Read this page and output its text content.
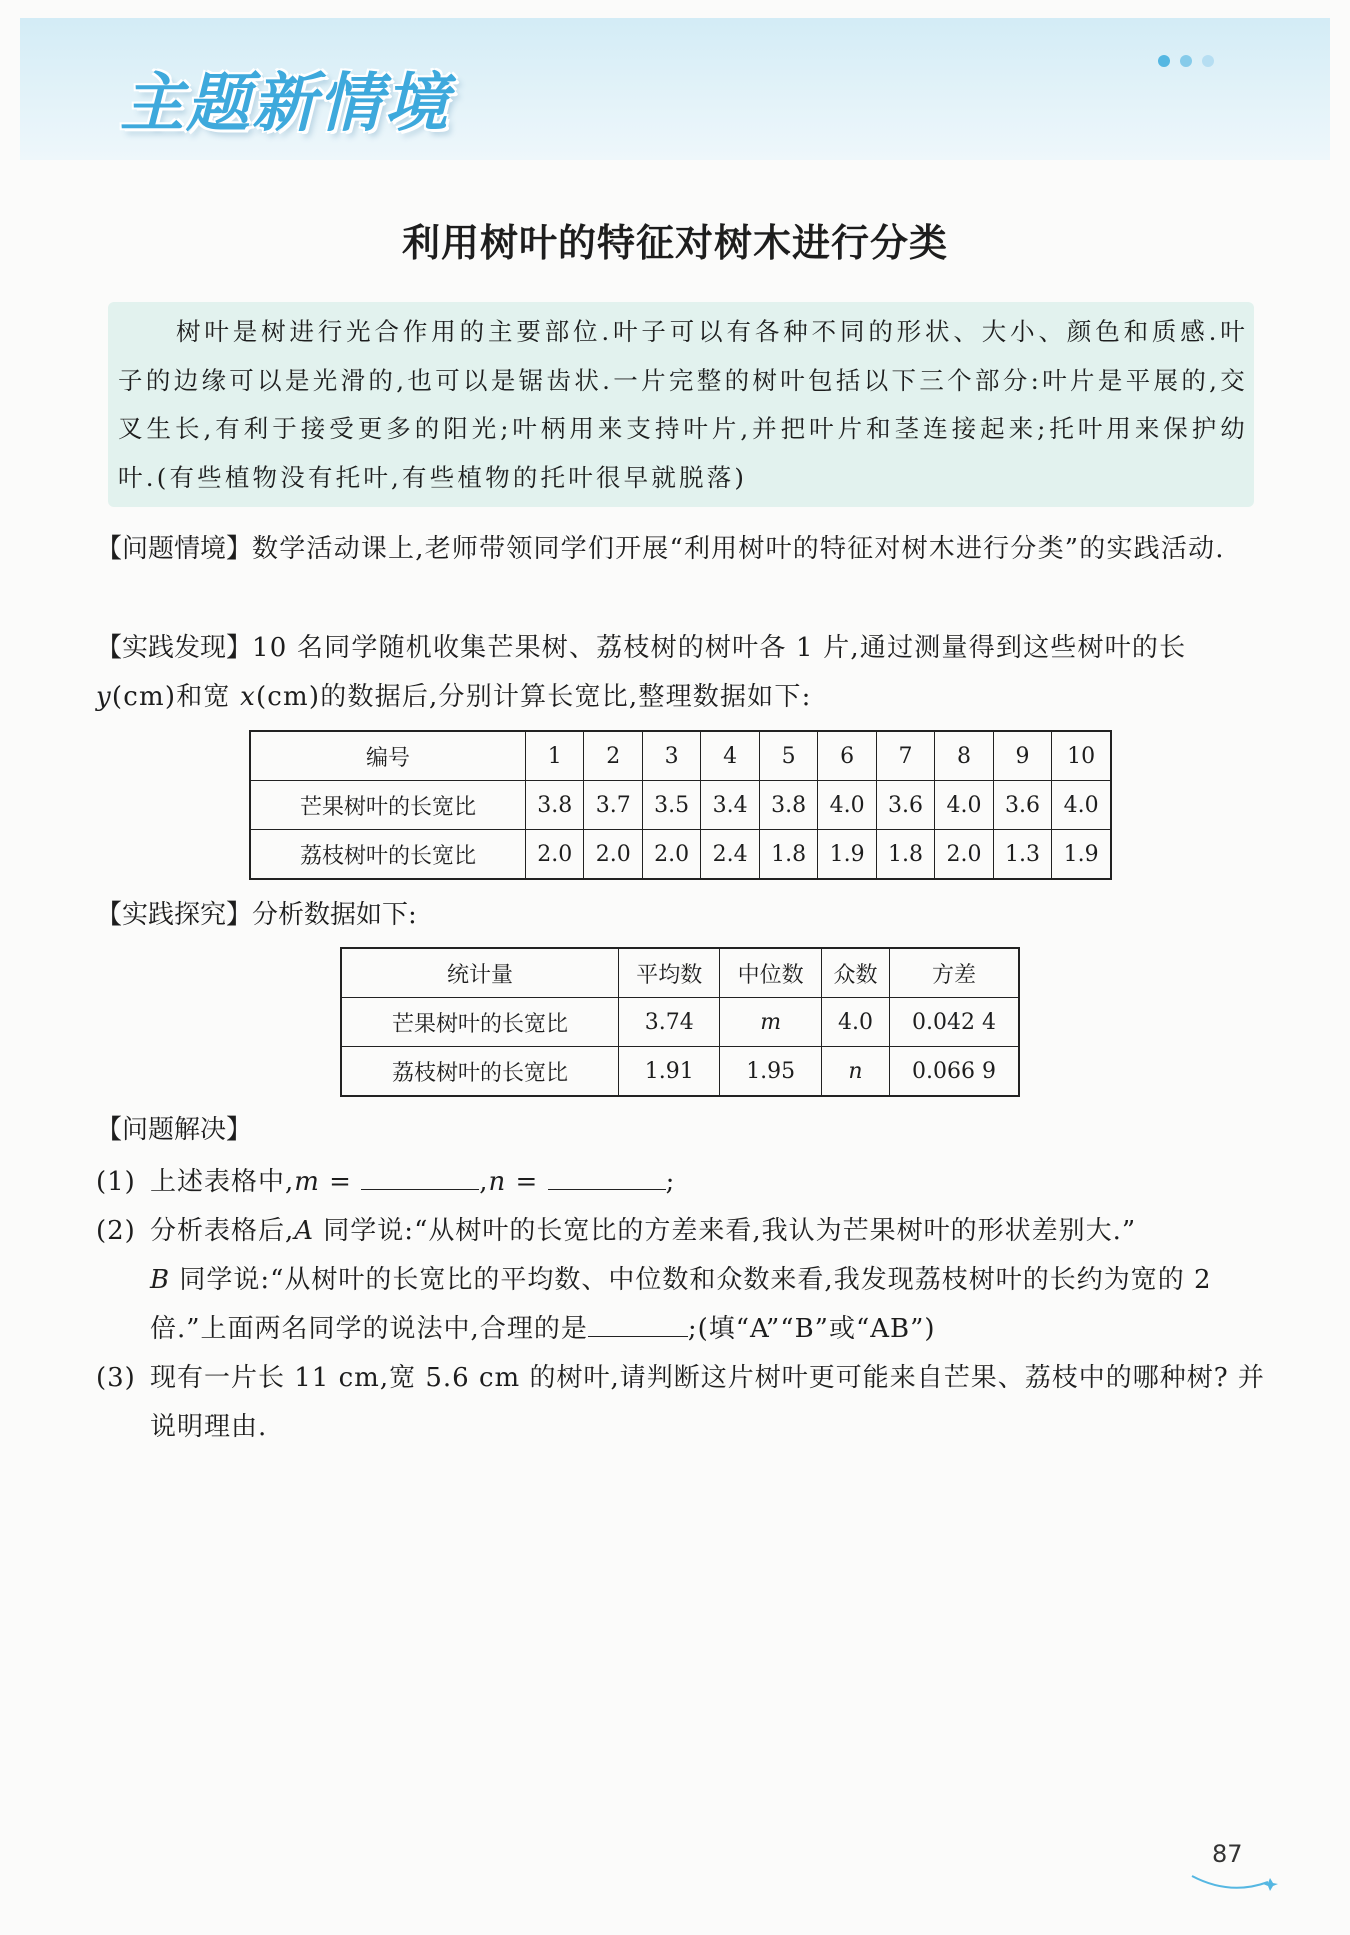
主题新情境
利用树叶的特征对树木进行分类
树叶是树进行光合作用的主要部位.叶子可以有各种不同的形状、大小、颜色和质感.叶子的边缘可以是光滑的,也可以是锯齿状.一片完整的树叶包括以下三个部分:叶片是平展的,交叉生长,有利于接受更多的阳光;叶柄用来支持叶片,并把叶片和茎连接起来;托叶用来保护幼叶.(有些植物没有托叶,有些植物的托叶很早就脱落)
【问题情境】数学活动课上,老师带领同学们开展“利用树叶的特征对树木进行分类”的实践活动.
【实践发现】10 名同学随机收集芒果树、荔枝树的树叶各 1 片,通过测量得到这些树叶的长 y(cm)和宽 x(cm)的数据后,分别计算长宽比,整理数据如下:
编号	1	2	3	4	5	6	7	8	9	10
芒果树叶的长宽比	3.8	3.7	3.5	3.4	3.8	4.0	3.6	4.0	3.6	4.0
荔枝树叶的长宽比	2.0	2.0	2.0	2.4	1.8	1.9	1.8	2.0	1.3	1.9
【实践探究】分析数据如下:
统计量	平均数	中位数	众数	方差
芒果树叶的长宽比	3.74	m	4.0	0.042 4
荔枝树叶的长宽比	1.91	1.95	n	0.066 9
【问题解决】
(1) 上述表格中,m =	,n =	;
(2) 分析表格后,A 同学说:“从树叶的长宽比的方差来看,我认为芒果树叶的形状差别大.”
B 同学说:“从树叶的长宽比的平均数、中位数和众数来看,我发现荔枝树叶的长约为宽的 2 倍.”上面两名同学的说法中,合理的是	;(填“A”“B”或“AB”)
(3) 现有一片长 11 cm,宽 5.6 cm 的树叶,请判断这片树叶更可能来自芒果、荔枝中的哪种树? 并说明理由.
87
